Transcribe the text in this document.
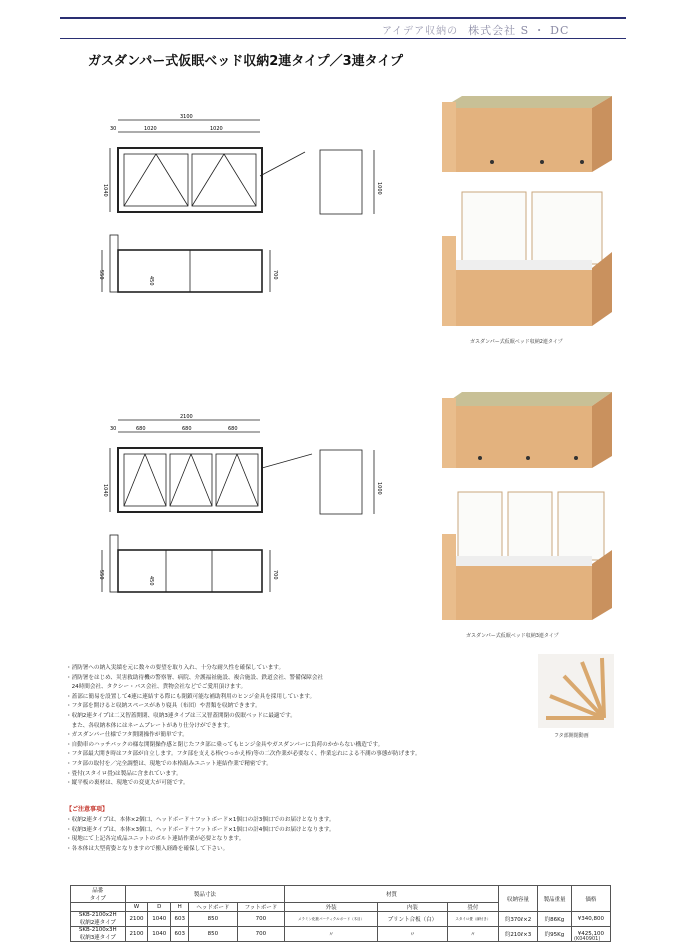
アイデア収納の 株式会社 S ・ DC
ガスダンパー式仮眠ベッド収納2連タイプ／3連タイプ
3100
30	1020	1020
1040	1000
550
450
700
2100
30	680	680	680
1040	1000
550
450
700
ガスダンパー式仮眠ベッド収納2連タイプ
ガスダンパー式仮眠ベッド収納3連タイプ
フタ部開閉動画

・消防署への納入実績を元に数々の要望を取り入れ、十分な耐久性を確保しています。

・消防署をはじめ、災害救助待機の警察署、病院、介護福祉施設、複合施設、鉄道会社、警備保障会社

　24時間会社、タクシー・バス会社、貨物会社などでご愛用頂けます。

・蓋部に簡易を設置して4連に連結する際にも閉鎖可能な補助利用のヒンジ金具を採用しています。

・フタ部を開けると収納スペースがあり寝具（布団）や書類を収納できます。

・収納2連タイプは二又智蓋開閉、収納3連タイプは三又智蓋開閉の仮眠ベッドに最適です。

　また、各収納本体にはネームプレートがあり仕分けができます。

・ガスダンパー仕様でフタ開閉操作が簡単です。

・自動車のハッチバックの様な開閉操作感と閉じたフタ部に乗ってもヒンジ金具やガスダンパーに負荷のかからない構造です。

・フタ部最大開き時はフタ部が自立します。フタ部を支える棒(つっかえ棒)等の二次作業が必要なく、作業忘れによる不測の事態が防げます。

・フタ部の取付を／完全調整は、現地での本格組みユニット連結作業で精密です。

・畳付(スタイロ畳)は製品に含まれています。

・縦平板の裏材は、現地での変更大が可能です。

【ご注意事項】

・収納2連タイプは、本体×2個口、ヘッドボード＋フットボード×1個口の計3個口でのお届けとなります。

・収納3連タイプは、本体×3個口、ヘッドボード＋フットボード×1個口の計4個口でのお届けとなります。

・現地にて上記各完成品ユニットのボルト連結作業が必要となります。

・各本体は大型荷姿となりますので搬入経路を確保して下さい。

品番
タイプ	製品寸法					材質			収納容量	製品重量	価格
	W	D	H	ヘッドボード	フットボード	外装	内装	畳付			
SKB-2100x2H
収納2連タイプ	2100	1040	603	850	700	メラミン化粧パーティクルボード（木目）	プリント合板（白）	スタイロ畳（縁付き）	約370ℓ×2	約86Kg	¥340,800
SKB-2100x3H
収納3連タイプ	2100	1040	603	850	700	〃	〃	〃	約210ℓ×3	約95Kg	¥425,100
(K040901)
